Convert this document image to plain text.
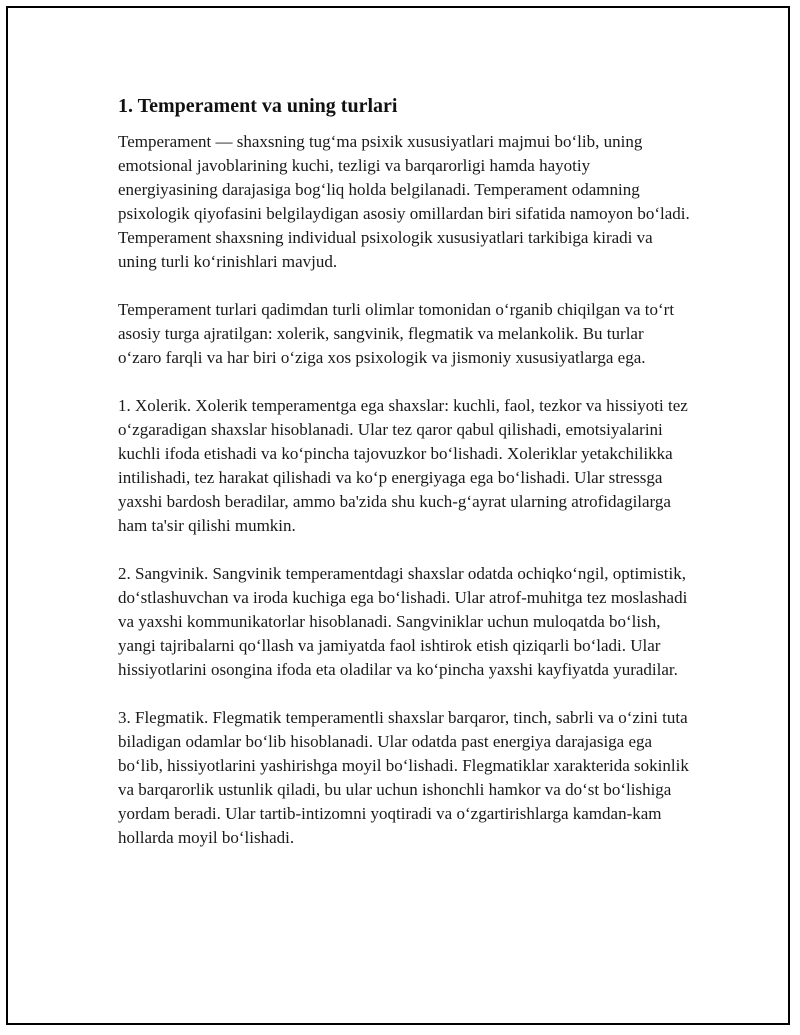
1. Temperament va uning turlari

Temperament — shaxsning tug‘ma psixik xususiyatlari majmui bo‘lib, uning emotsional javoblarining kuchi, tezligi va barqarorligi hamda hayotiy energiyasining darajasiga bog‘liq holda belgilanadi. Temperament odamning psixologik qiyofasini belgilaydigan asosiy omillardan biri sifatida namoyon bo‘ladi. Temperament shaxsning individual psixologik xususiyatlari tarkibiga kiradi va uning turli ko‘rinishlari mavjud.

Temperament turlari qadimdan turli olimlar tomonidan o‘rganib chiqilgan va to‘rt asosiy turga ajratilgan: xolerik, sangvinik, flegmatik va melankolik. Bu turlar o‘zaro farqli va har biri o‘ziga xos psixologik va jismoniy xususiyatlarga ega.

1. Xolerik. Xolerik temperamentga ega shaxslar: kuchli, faol, tezkor va hissiyoti tez o‘zgaradigan shaxslar hisoblanadi. Ular tez qaror qabul qilishadi, emotsiyalarini kuchli ifoda etishadi va ko‘pincha tajovuzkor bo‘lishadi. Xoleriklar yetakchilikka intilishadi, tez harakat qilishadi va ko‘p energiyaga ega bo‘lishadi. Ular stressga yaxshi bardosh beradilar, ammo ba'zida shu kuch-g‘ayrat ularning atrofidagilarga ham ta'sir qilishi mumkin.

2. Sangvinik. Sangvinik temperamentdagi shaxslar odatda ochiqko‘ngil, optimistik, do‘stlashuvchan va iroda kuchiga ega bo‘lishadi. Ular atrof-muhitga tez moslashadi va yaxshi kommunikatorlar hisoblanadi. Sangviniklar uchun muloqatda bo‘lish, yangi tajribalarni qo‘llash va jamiyatda faol ishtirok etish qiziqarli bo‘ladi. Ular hissiyotlarini osongina ifoda eta oladilar va ko‘pincha yaxshi kayfiyatda yuradilar.

3. Flegmatik. Flegmatik temperamentli shaxslar barqaror, tinch, sabrli va o‘zini tuta biladigan odamlar bo‘lib hisoblanadi. Ular odatda past energiya darajasiga ega bo‘lib, hissiyotlarini yashirishga moyil bo‘lishadi. Flegmatiklar xarakterida sokinlik va barqarorlik ustunlik qiladi, bu ular uchun ishonchli hamkor va do‘st bo‘lishiga yordam beradi. Ular tartib-intizomni yoqtiradi va o‘zgartirishlarga kamdan-kam hollarda moyil bo‘lishadi.
